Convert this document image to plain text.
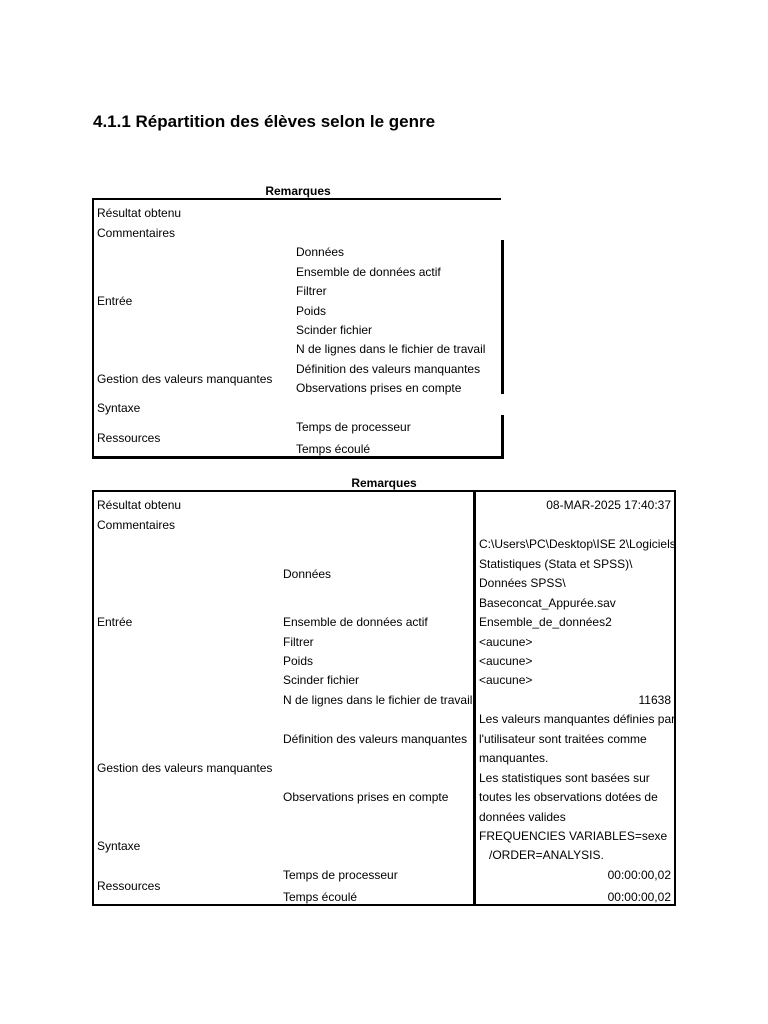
4.1.1 Répartition des élèves selon le genre
Remarques
Résultat obtenu
Commentaires
Entrée
Gestion des valeurs manquantes
Syntaxe
Ressources
Données
Ensemble de données actif
Filtrer
Poids
Scinder fichier
N de lignes dans le fichier de travail
Définition des valeurs manquantes
Observations prises en compte
Temps de processeur
Temps écoulé
Remarques
Résultat obtenu
Commentaires
Entrée
Gestion des valeurs manquantes
Syntaxe
Ressources
Données
Ensemble de données actif
Filtrer
Poids
Scinder fichier
N de lignes dans le fichier de travail
Définition des valeurs manquantes
Observations prises en compte
Temps de processeur
Temps écoulé
08-MAR-2025 17:40:37
C:\Users\PC\Desktop\ISE 2\Logiciels
Statistiques (Stata et SPSS)\
Données SPSS\
Baseconcat_Appurée.sav
Ensemble_de_données2
<aucune>
<aucune>
<aucune>
11638
Les valeurs manquantes définies par
l'utilisateur sont traitées comme
manquantes.
Les statistiques sont basées sur
toutes les observations dotées de
données valides
FREQUENCIES VARIABLES=sexe
/ORDER=ANALYSIS.
00:00:00,02
00:00:00,02
